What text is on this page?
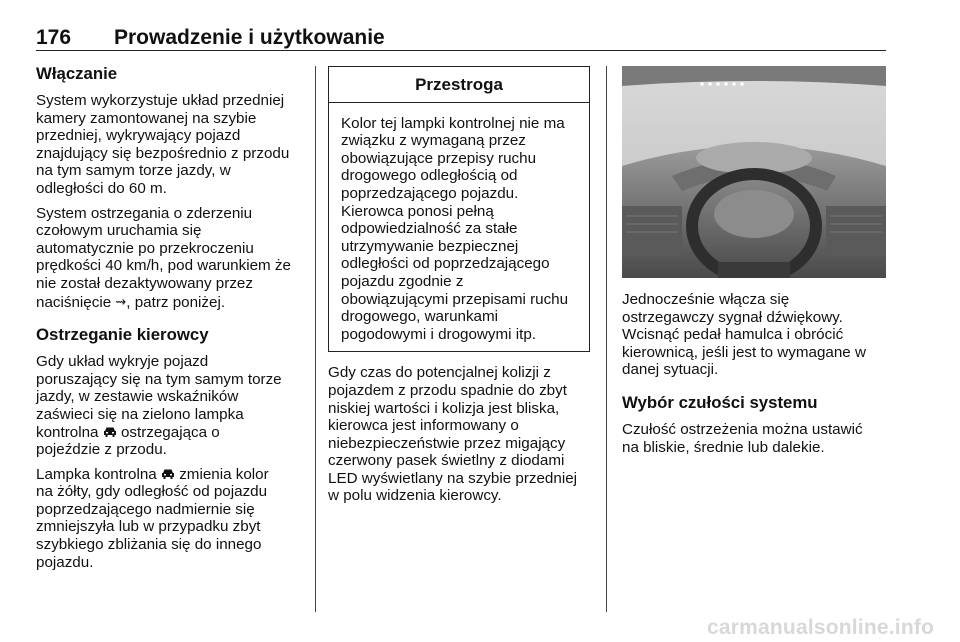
176 Prowadzenie i użytkowanie
Włączanie

System wykorzystuje układ przedniej
kamery zamontowanej na szybie
przedniej, wykrywający pojazd
znajdujący się bezpośrednio z przodu
na tym samym torze jazdy, w
odległości do 60 m.

System ostrzegania o zderzeniu
czołowym uruchamia się
automatycznie po przekroczeniu
prędkości 40 km/h, pod warunkiem że
nie został dezaktywowany przez
naciśnięcie ⇝, patrz poniżej.

Ostrzeganie kierowcy

Gdy układ wykryje pojazd
poruszający się na tym samym torze
jazdy, w zestawie wskaźników
zaświeci się na zielono lampka
kontrolna ostrzegająca o
pojeździe z przodu.

Lampka kontrolna zmienia kolor
na żółty, gdy odległość od pojazdu
poprzedzającego nadmiernie się
zmniejszyła lub w przypadku zbyt
szybkiego zbliżania się do innego
pojazdu.

Przestroga
Kolor tej lampki kontrolnej nie ma
związku z wymaganą przez
obowiązujące przepisy ruchu
drogowego odległością od
poprzedzającego pojazdu.
Kierowca ponosi pełną
odpowiedzialność za stałe
utrzymywanie bezpiecznej
odległości od poprzedzającego
pojazdu zgodnie z
obowiązującymi przepisami ruchu
drogowego, warunkami
pogodowymi i drogowymi itp.

Gdy czas do potencjalnej kolizji z
pojazdem z przodu spadnie do zbyt
niskiej wartości i kolizja jest bliska,
kierowca jest informowany o
niebezpieczeństwie przez migający
czerwony pasek świetlny z diodami
LED wyświetlany na szybie przedniej
w polu widzenia kierowcy.

Jednocześnie włącza się
ostrzegawczy sygnał dźwiękowy.
Wcisnąć pedał hamulca i obrócić
kierownicą, jeśli jest to wymagane w
danej sytuacji.

Wybór czułości systemu

Czułość ostrzeżenia można ustawić
na bliskie, średnie lub dalekie.

carmanualsonline.info
